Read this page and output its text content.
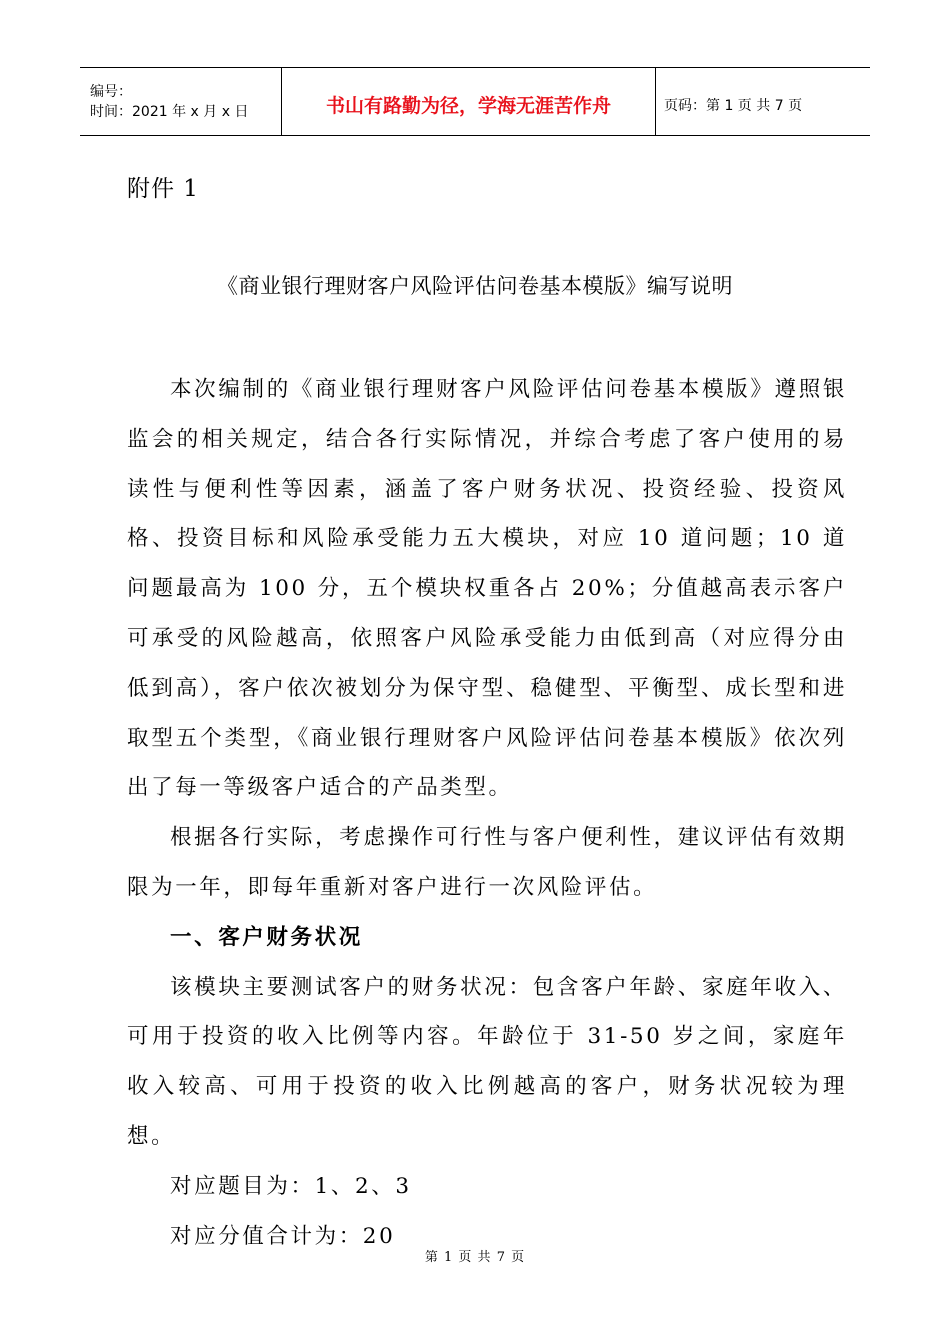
编号：
时间：2021 年 x 月 x 日	书山有路勤为径，学海无涯苦作舟	页码：第 1 页 共 7 页
附件 1
《商业银行理财客户风险评估问卷基本模版》编写说明

本次编制的《商业银行理财客户风险评估问卷基本模版》遵照银监会的相关规定，结合各行实际情况，并综合考虑了客户使用的易读性与便利性等因素，涵盖了客户财务状况、投资经验、投资风格、投资目标和风险承受能力五大模块，对应 10 道问题；10 道问题最高为 100 分，五个模块权重各占 20%；分值越高表示客户可承受的风险越高，依照客户风险承受能力由低到高（对应得分由低到高），客户依次被划分为保守型、稳健型、平衡型、成长型和进取型五个类型，《商业银行理财客户风险评估问卷基本模版》依次列出了每一等级客户适合的产品类型。

根据各行实际，考虑操作可行性与客户便利性，建议评估有效期限为一年，即每年重新对客户进行一次风险评估。

一、客户财务状况

该模块主要测试客户的财务状况：包含客户年龄、家庭年收入、可用于投资的收入比例等内容。年龄位于 31-50 岁之间，家庭年收入较高、可用于投资的收入比例越高的客户，财务状况较为理想。

对应题目为：1、2、3

对应分值合计为：20

第 1 页 共 7 页
